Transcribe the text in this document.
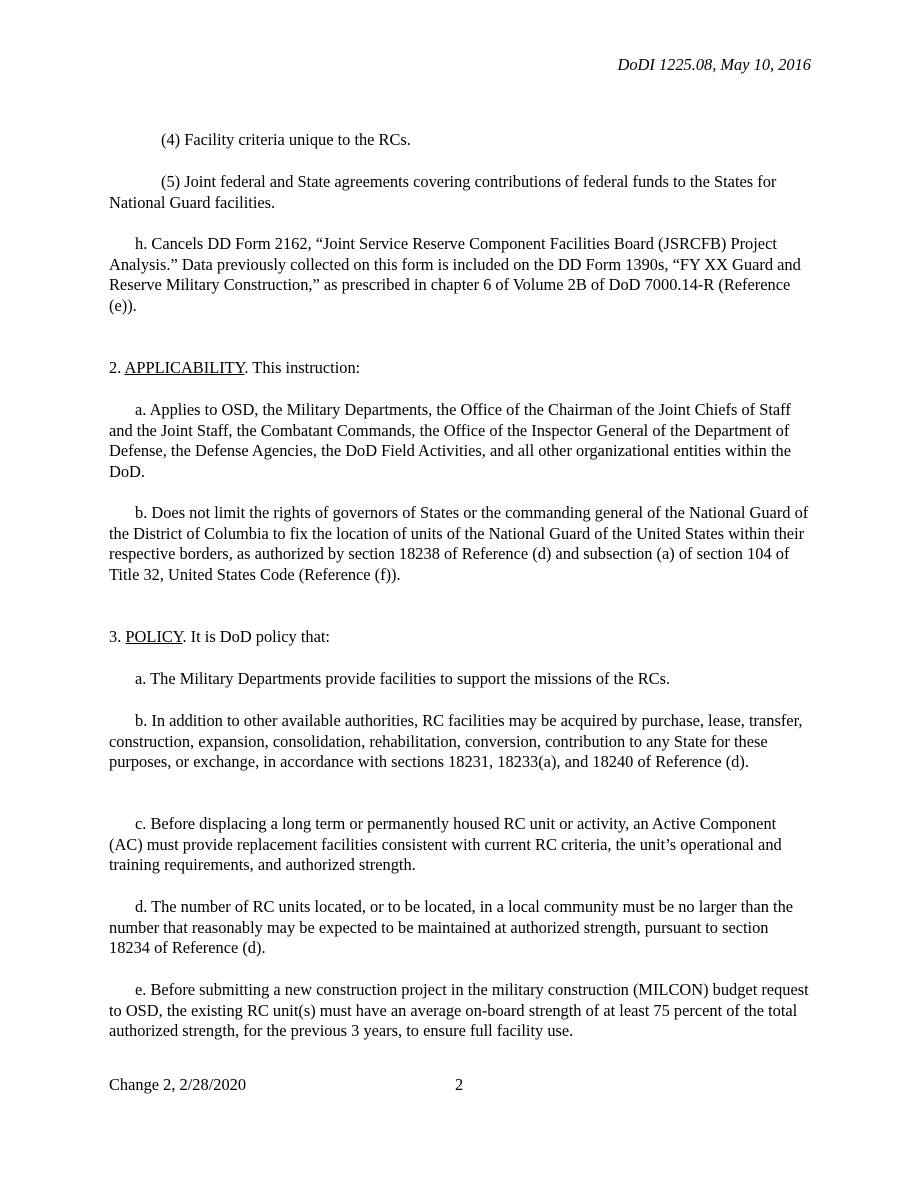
DoDI 1225.08, May 10, 2016

(4) Facility criteria unique to the RCs.

(5) Joint federal and State agreements covering contributions of federal funds to the States for National Guard facilities.

h. Cancels DD Form 2162, “Joint Service Reserve Component Facilities Board (JSRCFB) Project Analysis.” Data previously collected on this form is included on the DD Form 1390s, “FY XX Guard and Reserve Military Construction,” as prescribed in chapter 6 of Volume 2B of DoD 7000.14-R (Reference (e)).

2. APPLICABILITY. This instruction:

a. Applies to OSD, the Military Departments, the Office of the Chairman of the Joint Chiefs of Staff and the Joint Staff, the Combatant Commands, the Office of the Inspector General of the Department of Defense, the Defense Agencies, the DoD Field Activities, and all other organizational entities within the DoD.

b. Does not limit the rights of governors of States or the commanding general of the National Guard of the District of Columbia to fix the location of units of the National Guard of the United States within their respective borders, as authorized by section 18238 of Reference (d) and subsection (a) of section 104 of Title 32, United States Code (Reference (f)).

3. POLICY. It is DoD policy that:

a. The Military Departments provide facilities to support the missions of the RCs.

b. In addition to other available authorities, RC facilities may be acquired by purchase, lease, transfer, construction, expansion, consolidation, rehabilitation, conversion, contribution to any State for these purposes, or exchange, in accordance with sections 18231, 18233(a), and 18240 of Reference (d).

c. Before displacing a long term or permanently housed RC unit or activity, an Active Component (AC) must provide replacement facilities consistent with current RC criteria, the unit’s operational and training requirements, and authorized strength.

d. The number of RC units located, or to be located, in a local community must be no larger than the number that reasonably may be expected to be maintained at authorized strength, pursuant to section 18234 of Reference (d).

e. Before submitting a new construction project in the military construction (MILCON) budget request to OSD, the existing RC unit(s) must have an average on-board strength of at least 75 percent of the total authorized strength, for the previous 3 years, to ensure full facility use.

Change 2, 2/28/2020	2
